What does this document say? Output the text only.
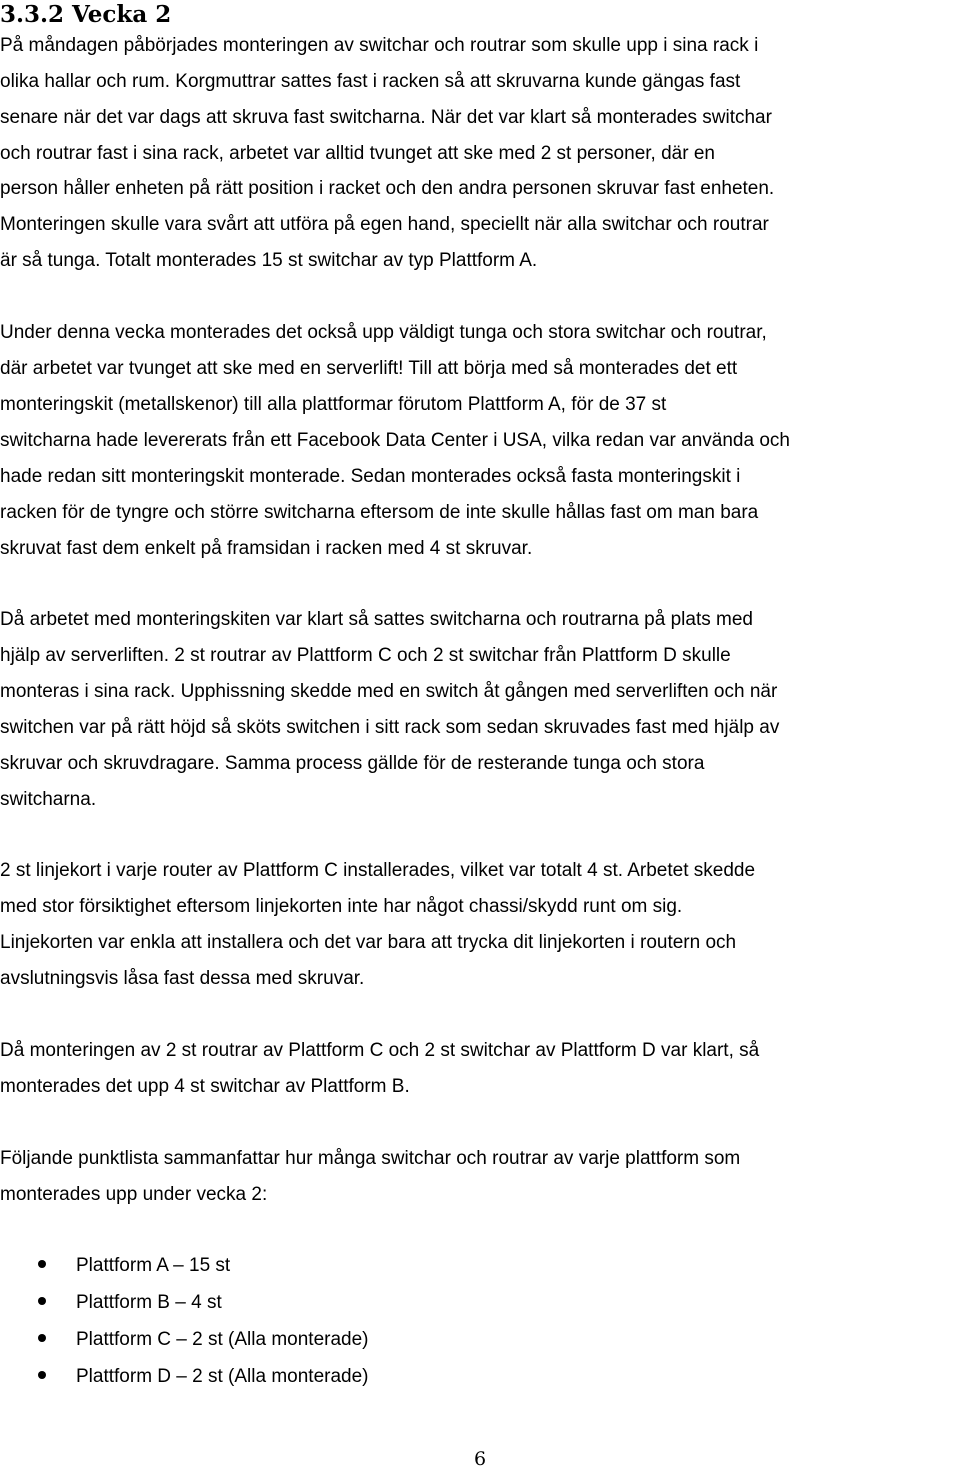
3.3.2 Vecka 2
På måndagen påbörjades monteringen av switchar och routrar som skulle upp i sina rack i
olika hallar och rum. Korgmuttrar sattes fast i racken så att skruvarna kunde gängas fast
senare när det var dags att skruva fast switcharna. När det var klart så monterades switchar
och routrar fast i sina rack, arbetet var alltid tvunget att ske med 2 st personer, där en
person håller enheten på rätt position i racket och den andra personen skruvar fast enheten.
Monteringen skulle vara svårt att utföra på egen hand, speciellt när alla switchar och routrar
är så tunga. Totalt monterades 15 st switchar av typ Plattform A.
Under denna vecka monterades det också upp väldigt tunga och stora switchar och routrar,
där arbetet var tvunget att ske med en serverlift! Till att börja med så monterades det ett
monteringskit (metallskenor) till alla plattformar förutom Plattform A, för de 37 st
switcharna hade levererats från ett Facebook Data Center i USA, vilka redan var använda och
hade redan sitt monteringskit monterade. Sedan monterades också fasta monteringskit i
racken för de tyngre och större switcharna eftersom de inte skulle hållas fast om man bara
skruvat fast dem enkelt på framsidan i racken med 4 st skruvar.
Då arbetet med monteringskiten var klart så sattes switcharna och routrarna på plats med
hjälp av serverliften. 2 st routrar av Plattform C och 2 st switchar från Plattform D skulle
monteras i sina rack. Upphissning skedde med en switch åt gången med serverliften och när
switchen var på rätt höjd så sköts switchen i sitt rack som sedan skruvades fast med hjälp av
skruvar och skruvdragare. Samma process gällde för de resterande tunga och stora
switcharna.
2 st linjekort i varje router av Plattform C installerades, vilket var totalt 4 st. Arbetet skedde
med stor försiktighet eftersom linjekorten inte har något chassi/skydd runt om sig.
Linjekorten var enkla att installera och det var bara att trycka dit linjekorten i routern och
avslutningsvis låsa fast dessa med skruvar.
Då monteringen av 2 st routrar av Plattform C och 2 st switchar av Plattform D var klart, så
monterades det upp 4 st switchar av Plattform B.
Följande punktlista sammanfattar hur många switchar och routrar av varje plattform som
monterades upp under vecka 2:
Plattform A – 15 st
Plattform B – 4 st
Plattform C – 2 st (Alla monterade)
Plattform D – 2 st (Alla monterade)
6
